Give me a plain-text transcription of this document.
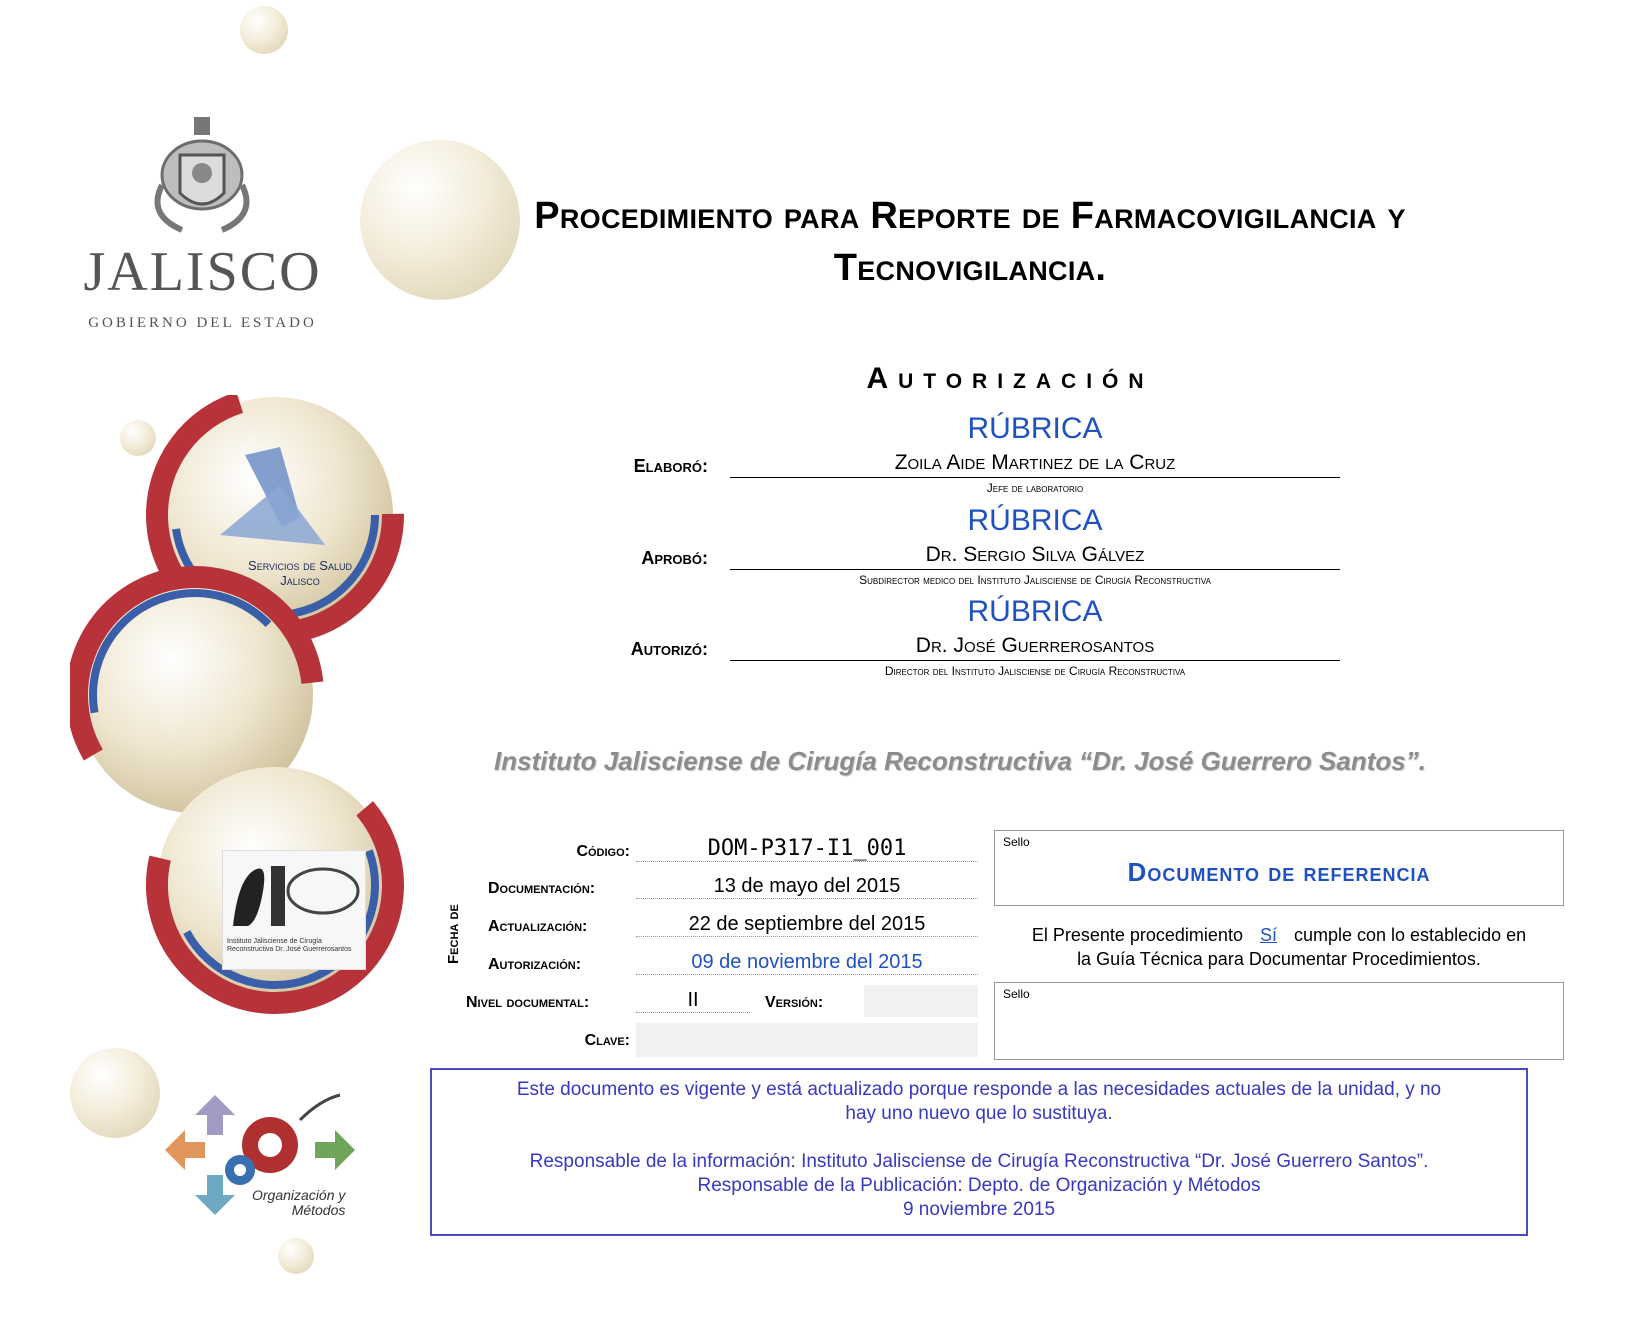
JALISCO
GOBIERNO DEL ESTADO
Servicios de Salud
Jalisco
Instituto Jalisciense de Cirugía Reconstructiva Dr. José Guerrerosantos
Organización y
Métodos
Procedimiento para Reporte de Farmacovigilancia y
Tecnovigilancia.
Autorización
RÚBRICA
Elaboró:	Zoila Aide Martinez de la Cruz
Jefe de laboratorio
RÚBRICA
Aprobó:	Dr. Sergio Silva Gálvez
Subdirector medico del Instituto Jalisciense de Cirugía Reconstructiva
RÚBRICA
Autorizó:	Dr. José Guerrerosantos
Director del Instituto Jalisciense de Cirugía Reconstructiva
Instituto Jalisciense de Cirugía Reconstructiva “Dr. José Guerrero Santos”.
Código:	DOM-P317-I1_001
Fecha de
Documentación:	13 de mayo del 2015
Actualización:	22 de septiembre del 2015
Autorización:	09 de noviembre del 2015
Nivel documental:	II	Versión:
Clave:
Sello
Documento de referencia
El Presente procedimiento Sí cumple con lo establecido en
la Guía Técnica para Documentar Procedimientos.
Sello

Este documento es vigente y está actualizado porque responde a las necesidades actuales de la unidad, y no

hay uno nuevo que lo sustituya.

Responsable de la información: Instituto Jalisciense de Cirugía Reconstructiva “Dr. José Guerrero Santos”.

Responsable de la Publicación: Depto. de Organización y Métodos

9 noviembre 2015
